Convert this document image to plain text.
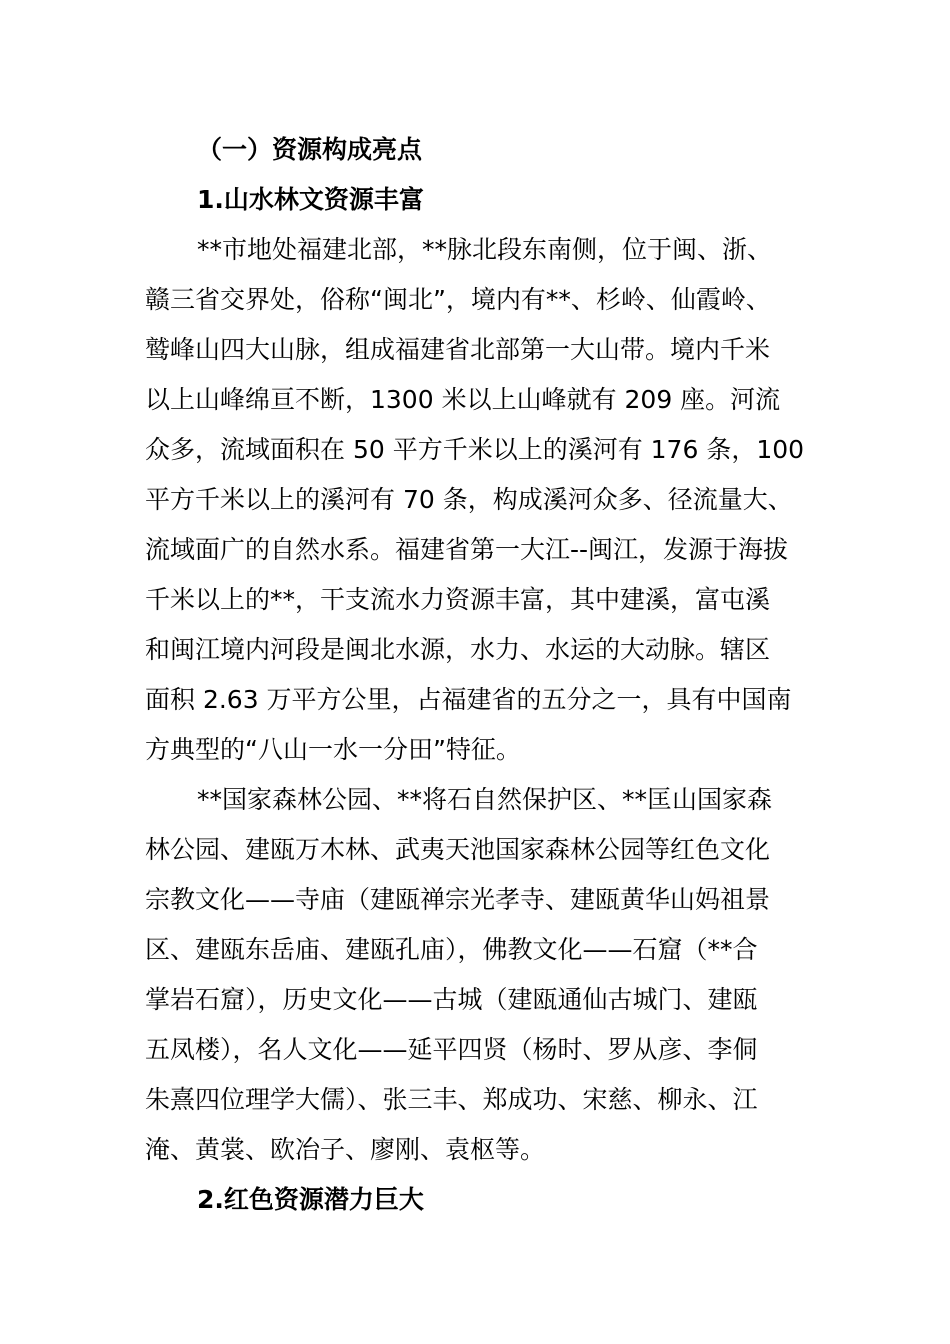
（一）资源构成亮点
1.山水林文资源丰富
**市地处福建北部，**脉北段东南侧，位于闽、浙、
赣三省交界处，俗称“闽北”，境内有**、杉岭、仙霞岭、
鹫峰山四大山脉，组成福建省北部第一大山带。境内千米
以上山峰绵亘不断，1300 米以上山峰就有 209 座。河流
众多，流域面积在 50 平方千米以上的溪河有 176 条，100
平方千米以上的溪河有 70 条，构成溪河众多、径流量大、
流域面广的自然水系。福建省第一大江--闽江，发源于海拔
千米以上的**，干支流水力资源丰富，其中建溪，富屯溪
和闽江境内河段是闽北水源，水力、水运的大动脉。辖区
面积 2.63 万平方公里，占福建省的五分之一，具有中国南
方典型的“八山一水一分田”特征。
**国家森林公园、**将石自然保护区、**匡山国家森
林公园、建瓯万木林、武夷天池国家森林公园等红色文化
宗教文化——寺庙（建瓯禅宗光孝寺、建瓯黄华山妈祖景
区、建瓯东岳庙、建瓯孔庙），佛教文化——石窟（**合
掌岩石窟），历史文化——古城（建瓯通仙古城门、建瓯
五凤楼），名人文化——延平四贤（杨时、罗从彦、李侗
朱熹四位理学大儒）、张三丰、郑成功、宋慈、柳永、江
淹、黄裳、欧冶子、廖刚、袁枢等。
2.红色资源潜力巨大
